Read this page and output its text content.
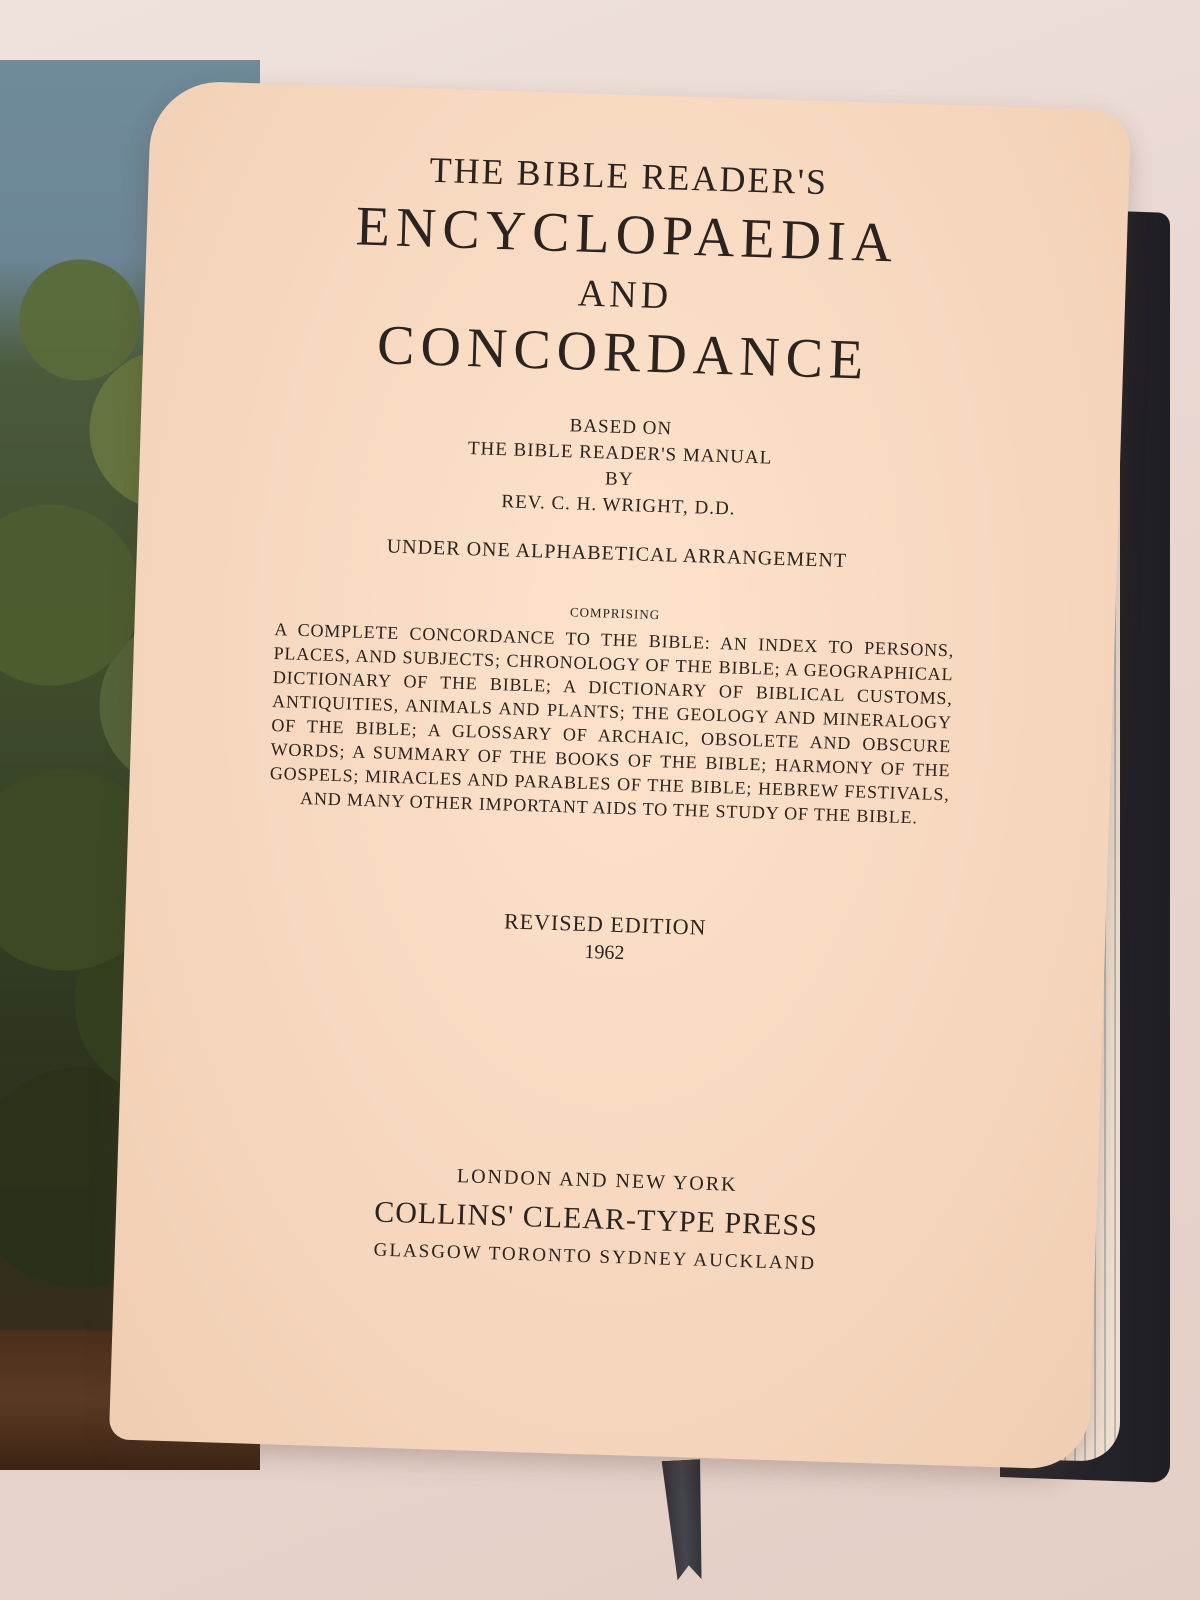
THE BIBLE READER'S
ENCYCLOPAEDIA
AND
CONCORDANCE
BASED ON
THE BIBLE READER'S MANUAL
BY
REV. C. H. WRIGHT, D.D.
UNDER ONE ALPHABETICAL ARRANGEMENT
COMPRISING
A COMPLETE CONCORDANCE TO THE BIBLE: AN INDEX TO PERSONS, PLACES, AND SUBJECTS; CHRONOLOGY OF THE BIBLE; A GEOGRAPHICAL DICTIONARY OF THE BIBLE; A DICTIONARY OF BIBLICAL CUSTOMS, ANTIQUITIES, ANIMALS AND PLANTS; THE GEOLOGY AND MINERALOGY OF THE BIBLE; A GLOSSARY OF ARCHAIC, OBSOLETE AND OBSCURE WORDS; A SUMMARY OF THE BOOKS OF THE BIBLE; HARMONY OF THE GOSPELS; MIRACLES AND PARABLES OF THE BIBLE; HEBREW FESTIVALS, AND MANY OTHER IMPORTANT AIDS TO THE STUDY OF THE BIBLE.
REVISED EDITION
1962
LONDON AND NEW YORK
COLLINS' CLEAR-TYPE PRESS
GLASGOW TORONTO SYDNEY AUCKLAND
